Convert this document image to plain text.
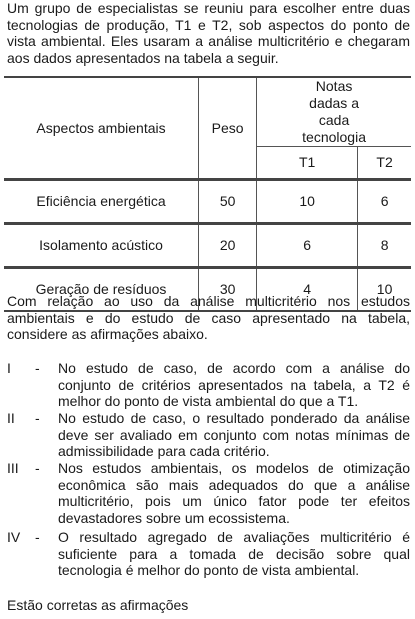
Um grupo de especialistas se reuniu para escolher entre duas tecnologias de produção, T1 e T2, sob aspectos do ponto de vista ambiental. Eles usaram a análise multicritério e chegaram aos dados apresentados na tabela a seguir.

Aspectos ambientais	Peso	Notas dadas a cada tecnologia	

		T1	T2

Eficiência energética	50	10	6

Isolamento acústico	20	6	8

Geração de resíduos	30	4	10

Com relação ao uso da análise multicritério nos estudos ambientais e do estudo de caso apresentado na tabela, considere as afirmações abaixo.

I - No estudo de caso, de acordo com a análise do conjunto de critérios apresentados na tabela, a T2 é melhor do ponto de vista ambiental do que a T1.
II - No estudo de caso, o resultado ponderado da análise deve ser avaliado em conjunto com notas mínimas de admissibilidade para cada critério.
III - Nos estudos ambientais, os modelos de otimização econômica são mais adequados do que a análise multicritério, pois um único fator pode ter efeitos devastadores sobre um ecossistema.
IV - O resultado agregado de avaliações multicritério é suficiente para a tomada de decisão sobre qual tecnologia é melhor do ponto de vista ambiental.
Estão corretas as afirmações
